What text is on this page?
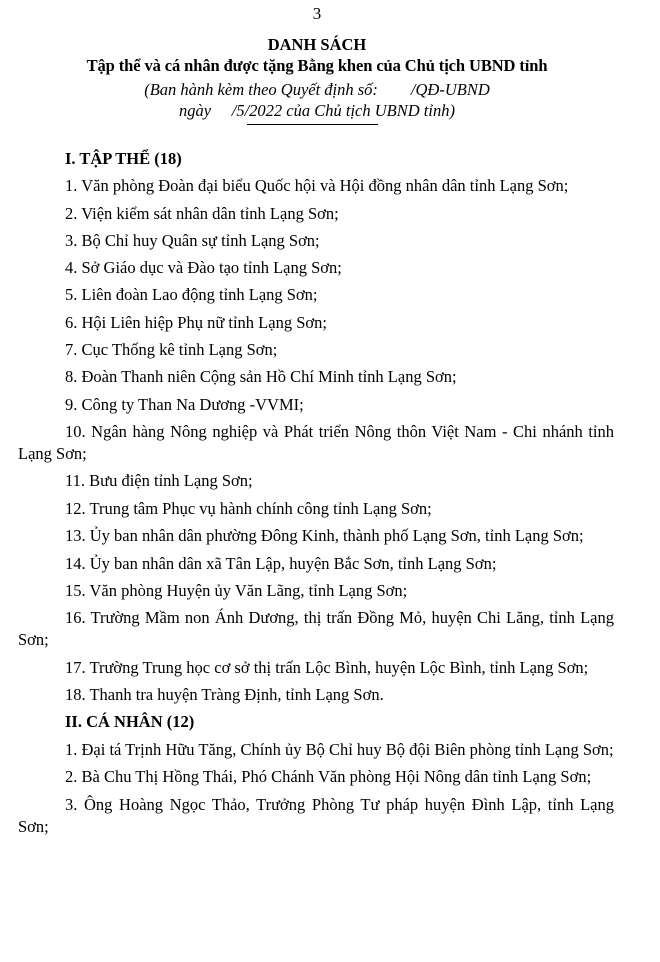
3
DANH SÁCH
Tập thể và cá nhân được tặng Bằng khen của Chủ tịch UBND tỉnh
(Ban hành kèm theo Quyết định số:        /QĐ-UBND
ngày     /5/2022 của Chủ tịch UBND tỉnh)

I. TẬP THỂ (18)

1. Văn phòng Đoàn đại biểu Quốc hội và Hội đồng nhân dân tỉnh Lạng Sơn;

2. Viện kiểm sát nhân dân tỉnh Lạng Sơn;

3. Bộ Chỉ huy Quân sự tỉnh Lạng Sơn;

4. Sở Giáo dục và Đào tạo tỉnh Lạng Sơn;

5. Liên đoàn Lao động tỉnh Lạng Sơn;

6. Hội Liên hiệp Phụ nữ tỉnh Lạng Sơn;

7. Cục Thống kê tỉnh Lạng Sơn;

8. Đoàn Thanh niên Cộng sản Hồ Chí Minh tỉnh Lạng Sơn;

9. Công ty Than Na Dương -VVMI;

10. Ngân hàng Nông nghiệp và Phát triển Nông thôn Việt Nam - Chi nhánh tỉnh Lạng Sơn;

11. Bưu điện tỉnh Lạng Sơn;

12. Trung tâm Phục vụ hành chính công tỉnh Lạng Sơn;

13. Ủy ban nhân dân phường Đông Kinh, thành phố Lạng Sơn, tỉnh Lạng Sơn;

14. Ủy ban nhân dân xã Tân Lập, huyện Bắc Sơn, tỉnh Lạng Sơn;

15. Văn phòng Huyện ủy Văn Lãng, tỉnh Lạng Sơn;

16. Trường Mầm non Ánh Dương, thị trấn Đồng Mỏ, huyện Chi Lăng, tỉnh Lạng Sơn;

17. Trường Trung học cơ sở thị trấn Lộc Bình, huyện Lộc Bình, tỉnh Lạng Sơn;

18. Thanh tra huyện Tràng Định, tỉnh Lạng Sơn.

II. CÁ NHÂN (12)

1. Đại tá Trịnh Hữu Tăng, Chính ủy Bộ Chỉ huy Bộ đội Biên phòng tỉnh Lạng Sơn;

2. Bà Chu Thị Hồng Thái, Phó Chánh Văn phòng Hội Nông dân tỉnh Lạng Sơn;

3. Ông Hoàng Ngọc Thảo, Trưởng Phòng Tư pháp huyện Đình Lập, tỉnh Lạng Sơn;
